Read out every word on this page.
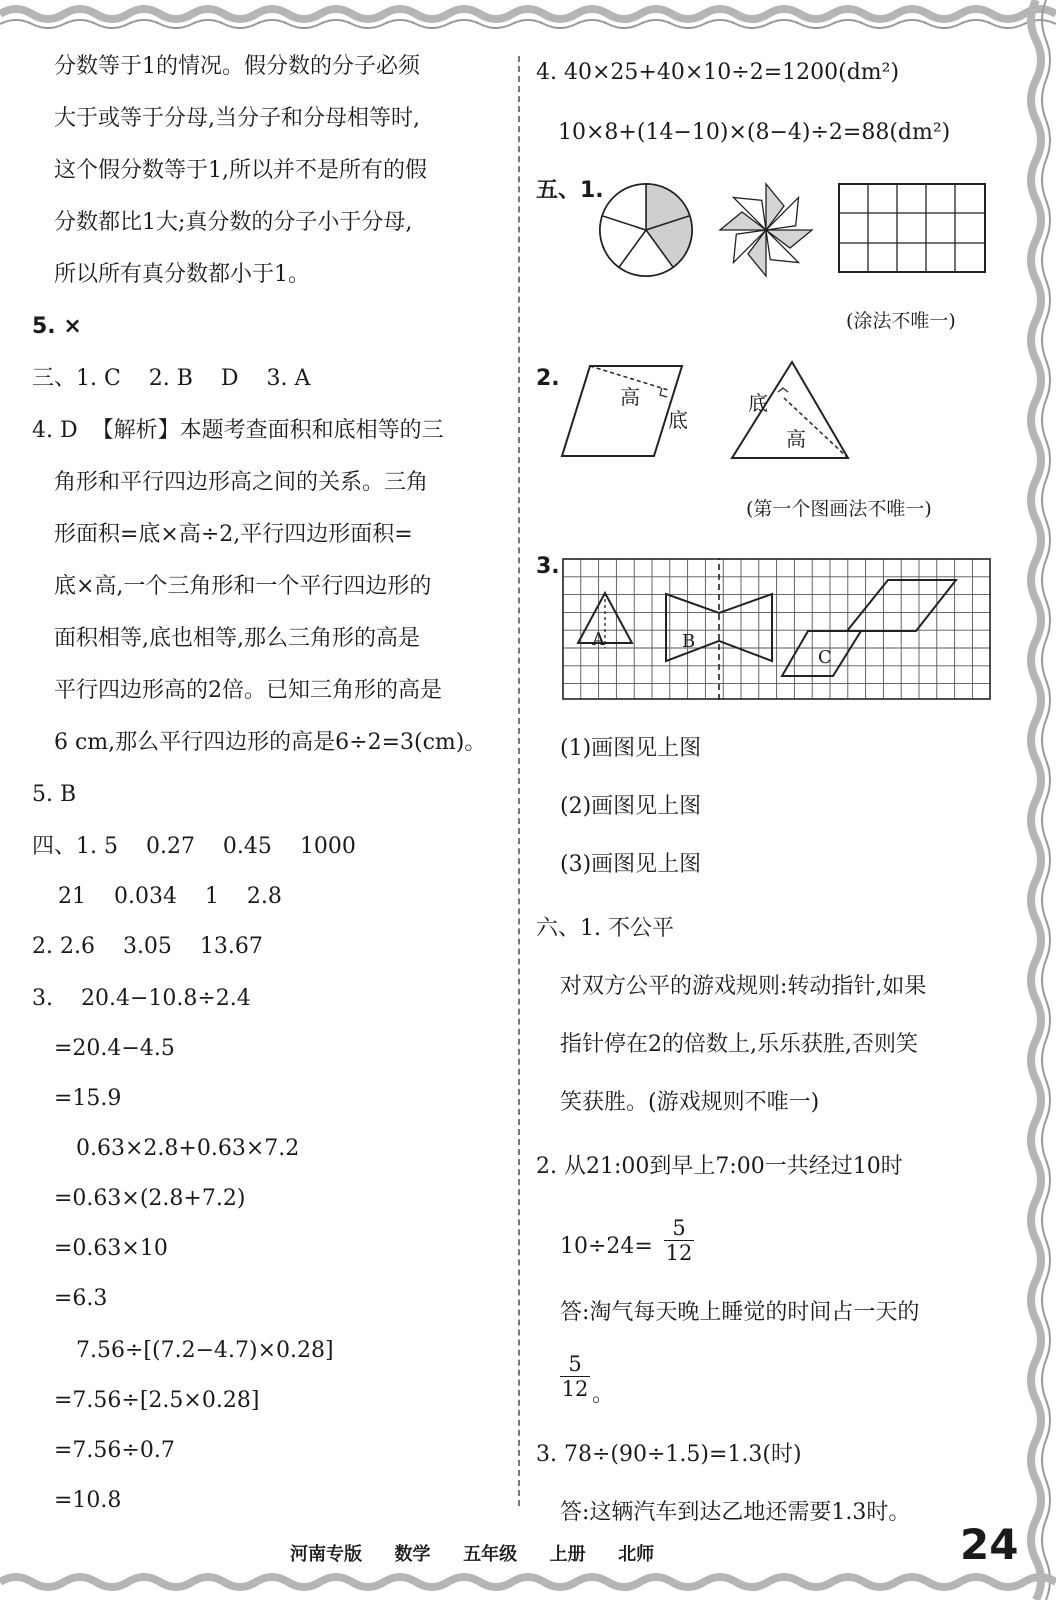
分数等于1的情况。假分数的分子必须
大于或等于分母,当分子和分母相等时,
这个假分数等于1,所以并不是所有的假
分数都比1大;真分数的分子小于分母,
所以所有真分数都小于1。
5. ×
三、1. C    2. B    D    3. A
4. D  【解析】本题考查面积和底相等的三
角形和平行四边形高之间的关系。三角
形面积=底×高÷2,平行四边形面积=
底×高,一个三角形和一个平行四边形的
面积相等,底也相等,那么三角形的高是
平行四边形高的2倍。已知三角形的高是
6 cm,那么平行四边形的高是6÷2=3(cm)。
5. B
四、1. 5    0.27    0.45    1000
21    0.034    1    2.8
2. 2.6    3.05    13.67
3.    20.4−10.8÷2.4
=20.4−4.5
=15.9
0.63×2.8+0.63×7.2
=0.63×(2.8+7.2)
=0.63×10
=6.3
7.56÷[(7.2−4.7)×0.28]
=7.56÷[2.5×0.28]
=7.56÷0.7
=10.8
4. 40×25+40×10÷2=1200(dm²)
10×8+(14−10)×(8−4)÷2=88(dm²)
五、1.
(涂法不唯一)
2.
高
底
底
高
(第一个图画法不唯一)
3.
A	B
C
(1)画图见上图
(2)画图见上图
(3)画图见上图
六、1. 不公平
对双方公平的游戏规则:转动指针,如果
指针停在2的倍数上,乐乐获胜,否则笑
笑获胜。(游戏规则不唯一)
2. 从21:00到早上7:00一共经过10时
$10\div 24= \frac{5}{12}$
答:淘气每天晚上睡觉的时间占一天的
$\frac{5}{12}$ 。
3. 78÷(90÷1.5)=1.3(时)
答:这辆汽车到达乙地还需要1.3时。
河南专版  数学  五年级  上册  北师	24
